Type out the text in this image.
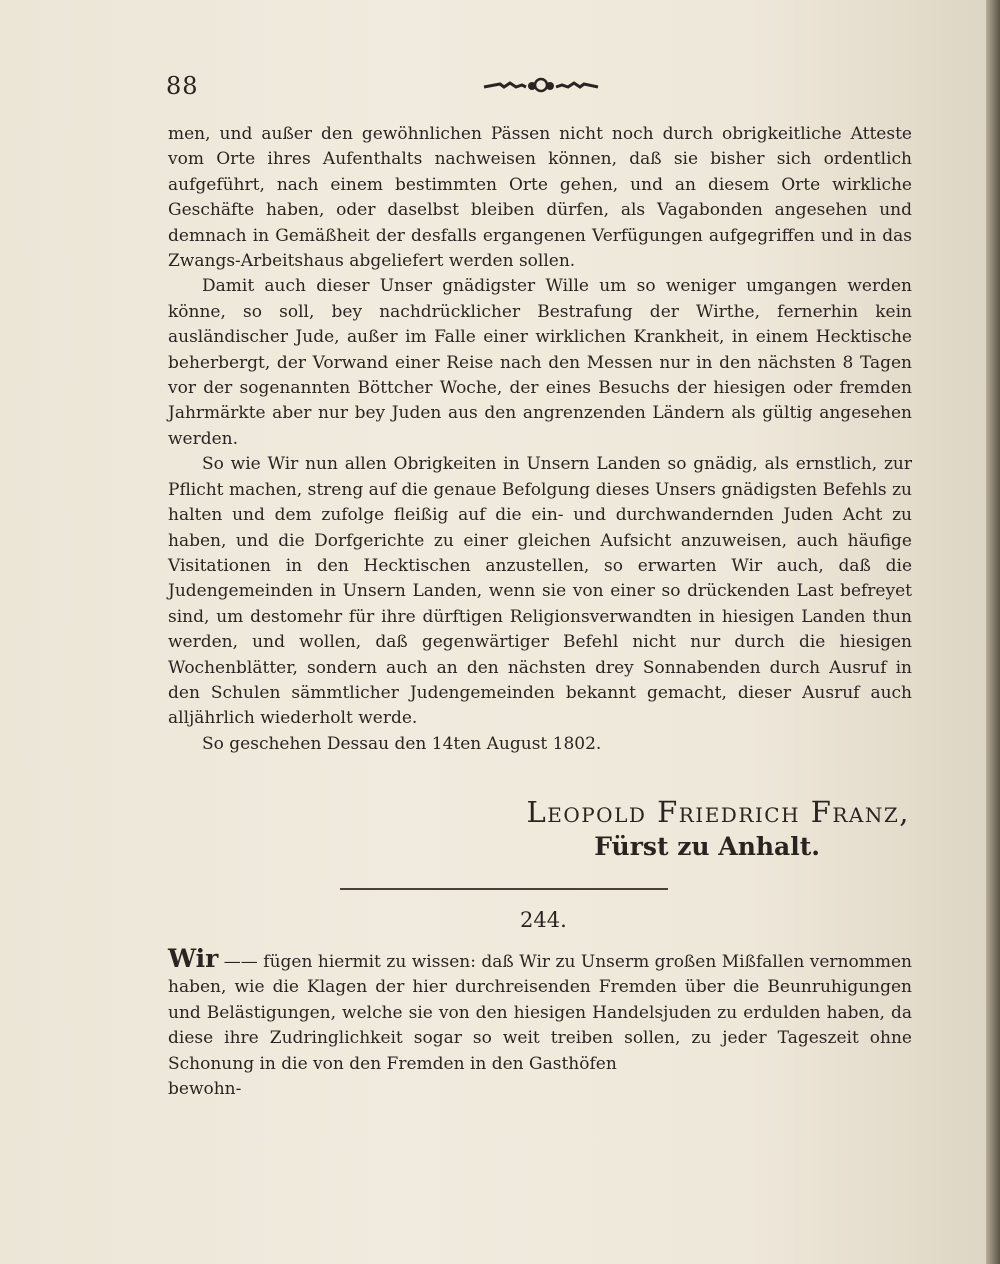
88

men, und außer den gewöhnlichen Pässen nicht noch durch obrigkeitliche Atteste vom Orte ihres Aufenthalts nachweisen können, daß sie bisher sich ordentlich aufgeführt, nach einem bestimmten Orte gehen, und an diesem Orte wirkliche Geschäfte haben, oder daselbst bleiben dürfen, als Vagabonden angesehen und demnach in Gemäßheit der desfalls ergangenen Verfügungen aufgegriffen und in das Zwangs-Arbeitshaus abgeliefert werden sollen.

Damit auch dieser Unser gnädigster Wille um so weniger umgangen werden könne, so soll, bey nachdrücklicher Bestrafung der Wirthe, fernerhin kein ausländischer Jude, außer im Falle einer wirklichen Krankheit, in einem Hecktische beherbergt, der Vorwand einer Reise nach den Messen nur in den nächsten 8 Tagen vor der sogenannten Böttcher Woche, der eines Besuchs der hiesigen oder fremden Jahrmärkte aber nur bey Juden aus den angrenzenden Ländern als gültig angesehen werden.

So wie Wir nun allen Obrigkeiten in Unsern Landen so gnädig, als ernstlich, zur Pflicht machen, streng auf die genaue Befolgung dieses Unsers gnädigsten Befehls zu halten und dem zufolge fleißig auf die ein- und durchwandernden Juden Acht zu haben, und die Dorfgerichte zu einer gleichen Aufsicht anzuweisen, auch häufige Visitationen in den Hecktischen anzustellen, so erwarten Wir auch, daß die Judengemeinden in Unsern Landen, wenn sie von einer so drückenden Last befreyet sind, um destomehr für ihre dürftigen Religionsverwandten in hiesigen Landen thun werden, und wollen, daß gegenwärtiger Befehl nicht nur durch die hiesigen Wochenblätter, sondern auch an den nächsten drey Sonnabenden durch Ausruf in den Schulen sämmtlicher Judengemeinden bekannt gemacht, dieser Ausruf auch alljährlich wiederholt werde.

So geschehen Dessau den 14ten August 1802.

Leopold Friedrich Franz,
Fürst zu Anhalt.
244.
Wir —— fügen hiermit zu wissen: daß Wir zu Unserm großen Mißfallen vernommen haben, wie die Klagen der hier durchreisenden Fremden über die Beunruhigungen und Belästigungen, welche sie von den hiesigen Handelsjuden zu erdulden haben, da diese ihre Zudringlichkeit sogar so weit treiben sollen, zu jeder Tageszeit ohne Schonung in die von den Fremden in den Gasthöfen
bewohn-
